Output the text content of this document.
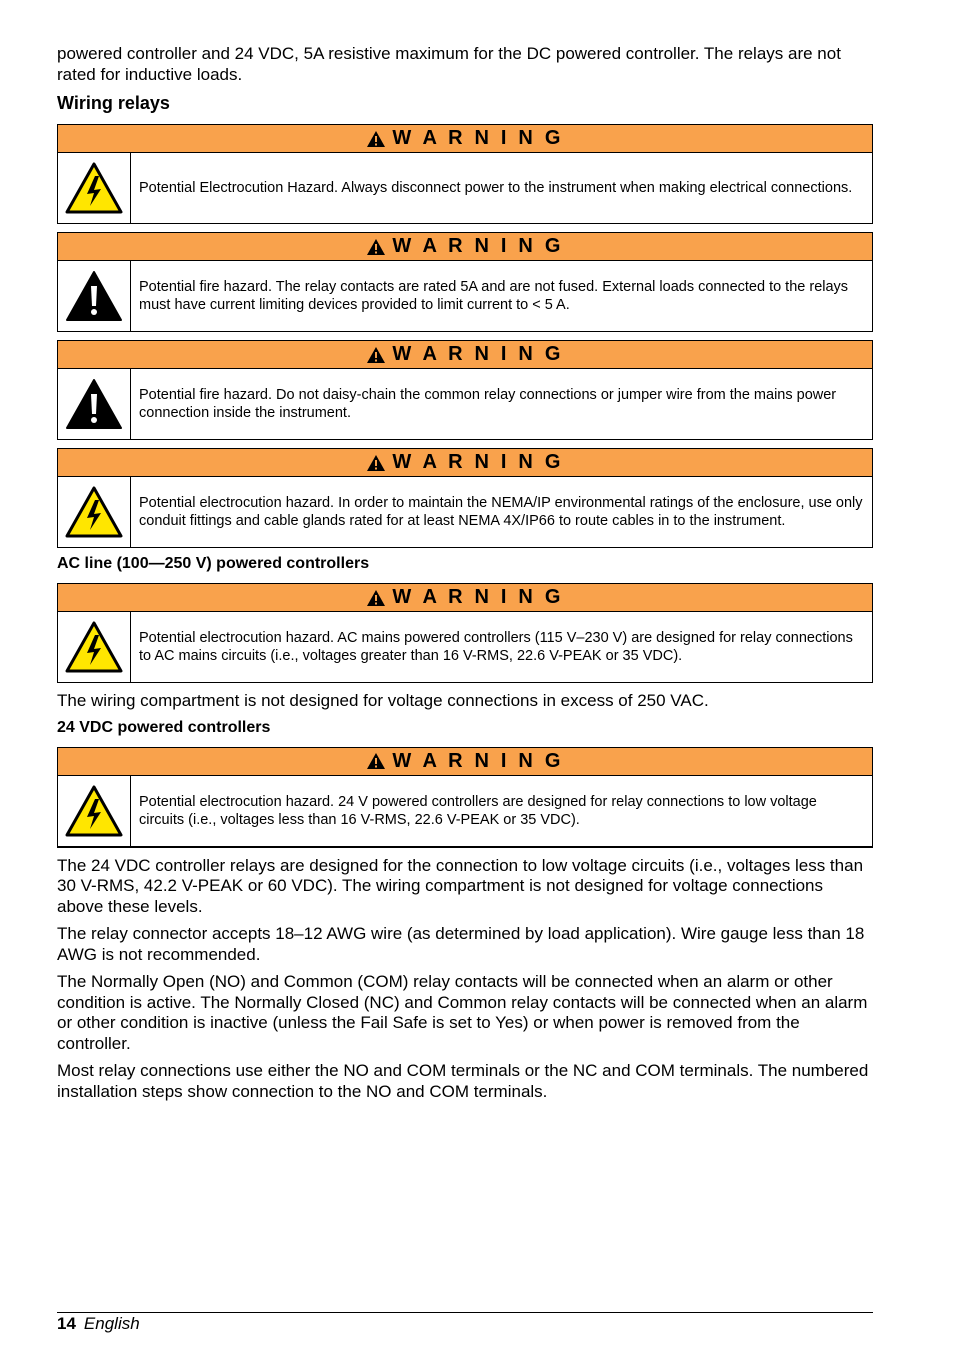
powered controller and 24 VDC, 5A resistive maximum for the DC powered controller. The relays are not rated for inductive loads.

Wiring relays
W A R N I N G
Potential Electrocution Hazard. Always disconnect power to the instrument when making electrical connections.
W A R N I N G
Potential fire hazard. The relay contacts are rated 5A and are not fused. External loads connected to the relays must have current limiting devices provided to limit current to < 5 A.
W A R N I N G
Potential fire hazard. Do not daisy-chain the common relay connections or jumper wire from the mains power connection inside the instrument.
W A R N I N G
Potential electrocution hazard. In order to maintain the NEMA/IP environmental ratings of the enclosure, use only conduit fittings and cable glands rated for at least NEMA 4X/IP66 to route cables in to the instrument.
AC line (100—250 V) powered controllers
W A R N I N G
Potential electrocution hazard. AC mains powered controllers (115 V–230 V) are designed for relay connections to AC mains circuits (i.e., voltages greater than 16 V-RMS, 22.6 V-PEAK or 35 VDC).

The wiring compartment is not designed for voltage connections in excess of 250 VAC.

24 VDC powered controllers
W A R N I N G
Potential electrocution hazard. 24 V powered controllers are designed for relay connections to low voltage circuits (i.e., voltages less than 16 V-RMS, 22.6 V-PEAK or 35 VDC).

The 24 VDC controller relays are designed for the connection to low voltage circuits (i.e., voltages less than 30 V-RMS, 42.2 V-PEAK or 60 VDC). The wiring compartment is not designed for voltage connections above these levels.

The relay connector accepts 18–12 AWG wire (as determined by load application). Wire gauge less than 18 AWG is not recommended.

The Normally Open (NO) and Common (COM) relay contacts will be connected when an alarm or other condition is active. The Normally Closed (NC) and Common relay contacts will be connected when an alarm or other condition is inactive (unless the Fail Safe is set to Yes) or when power is removed from the controller.

Most relay connections use either the NO and COM terminals or the NC and COM terminals. The numbered installation steps show connection to the NO and COM terminals.

14 English
